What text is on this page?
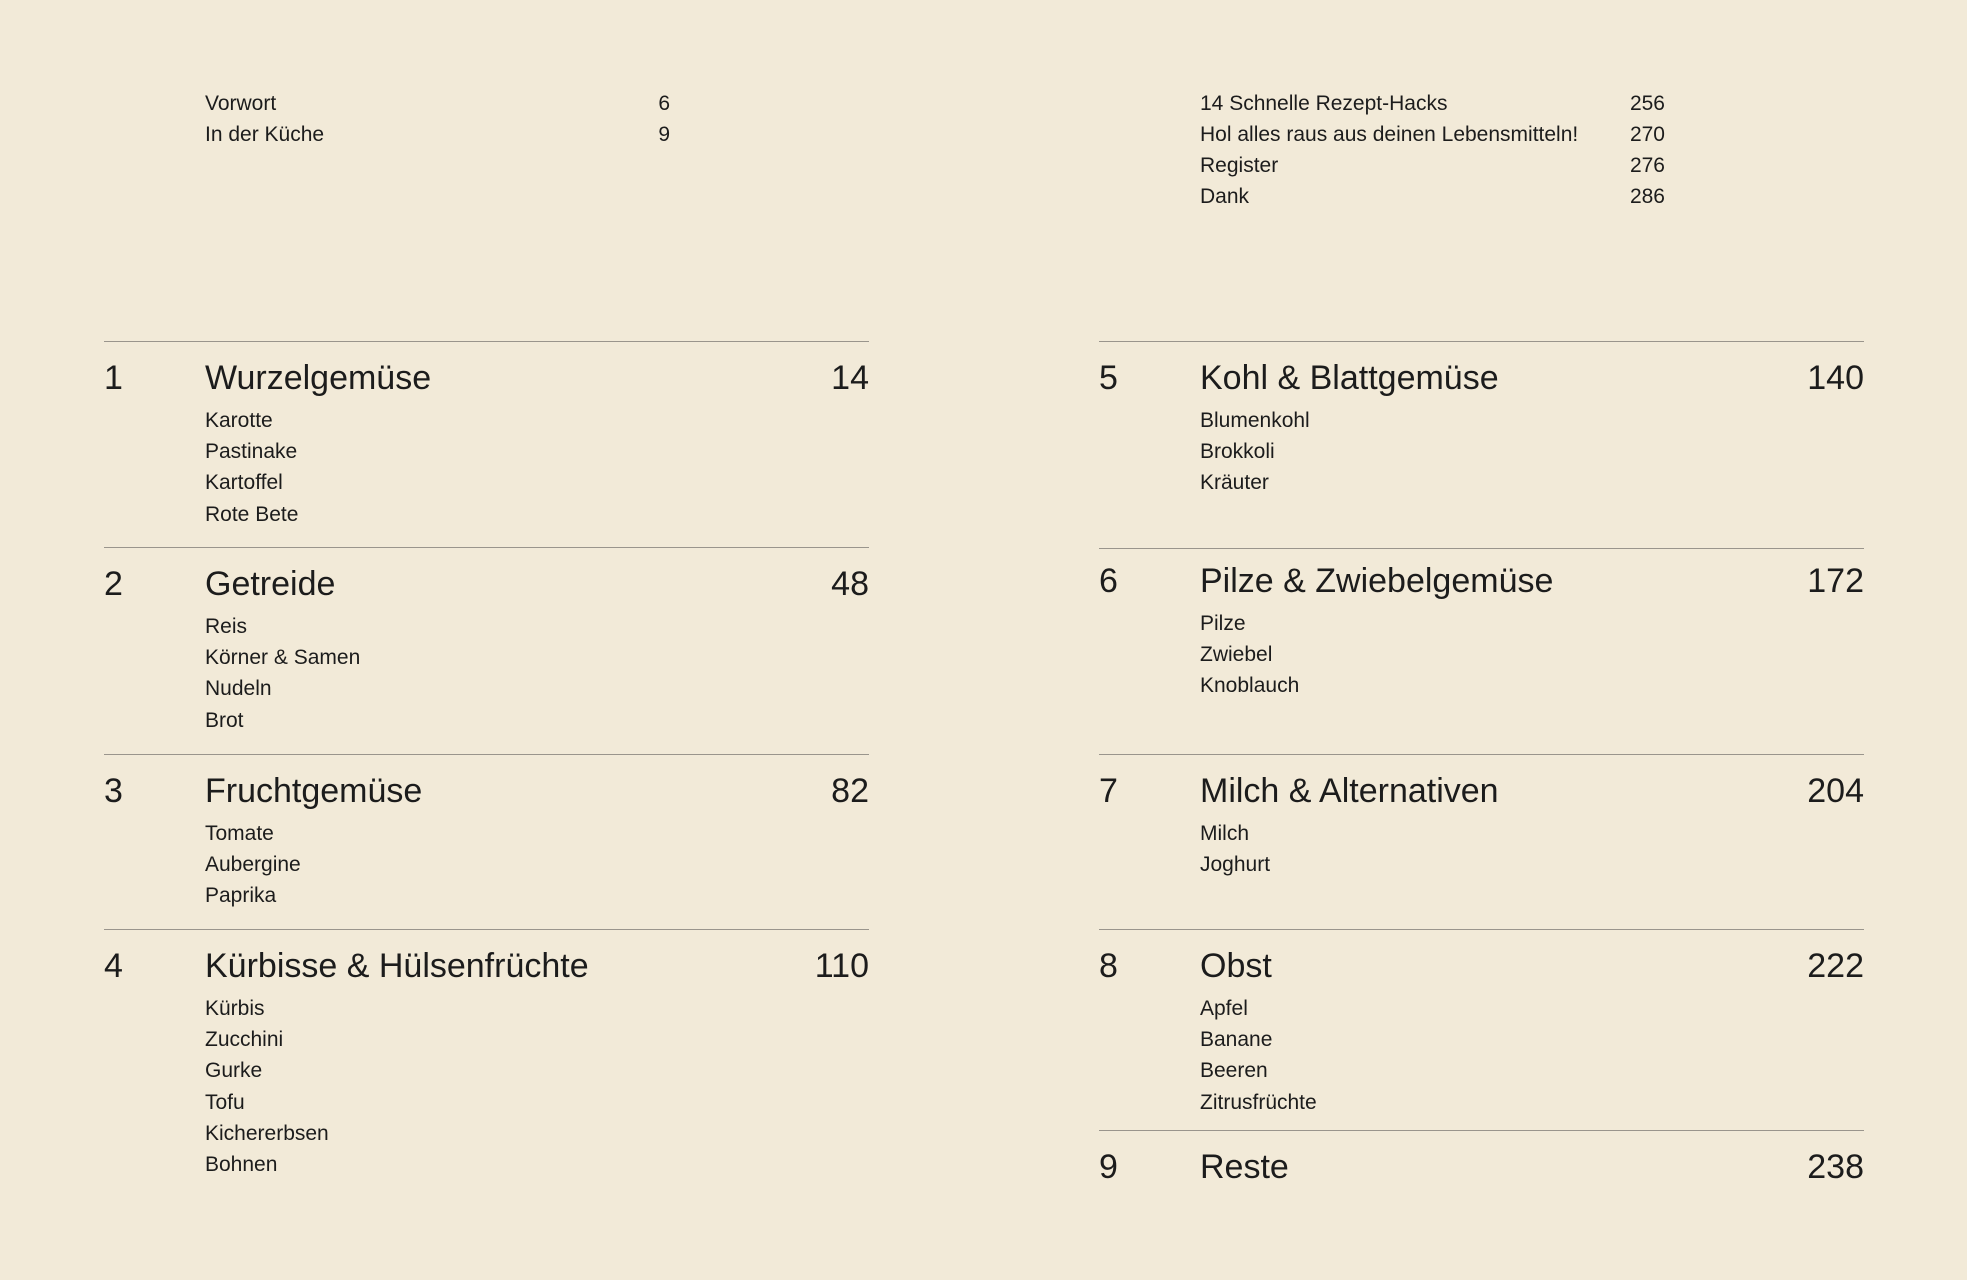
Vorwort	6
In der Küche	9
1 Wurzelgemüse	14
Karotte
Pastinake
Kartoffel
Rote Bete
2 Getreide	48
Reis
Körner & Samen
Nudeln
Brot
3 Fruchtgemüse	82
Tomate
Aubergine
Paprika
4 Kürbisse & Hülsenfrüchte	110
Kürbis
Zucchini
Gurke
Tofu
Kichererbsen
Bohnen
14 Schnelle Rezept-Hacks	256
Hol alles raus aus deinen Lebensmitteln! 270
Register	276
Dank	286
5 Kohl & Blattgemüse	140
Blumenkohl
Brokkoli
Kräuter
6 Pilze & Zwiebelgemüse	172
Pilze
Zwiebel
Knoblauch
7 Milch & Alternativen	204
Milch
Joghurt
8 Obst	222
Apfel
Banane
Beeren
Zitrusfrüchte
9 Reste	238
